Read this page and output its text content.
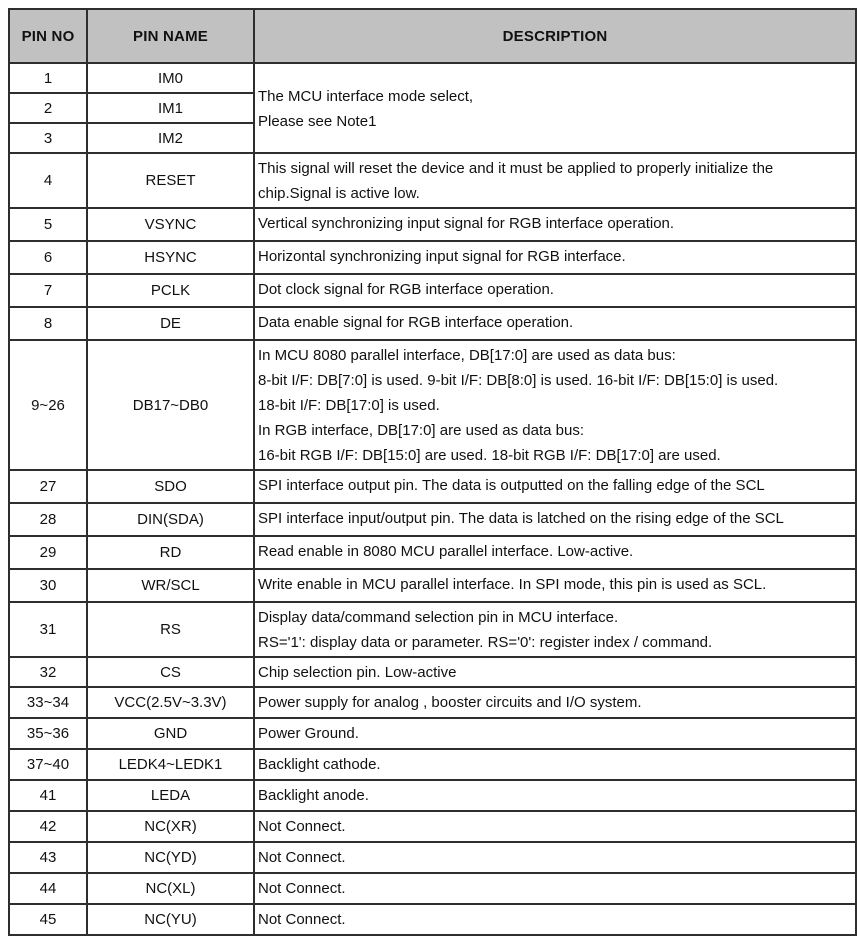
PIN NO	PIN NAME	DESCRIPTION
1	IM0	The MCU interface mode select,
Please see Note1

2	IM1	
3	IM2	
4	RESET	This signal will reset the device and it must be applied to properly initialize the
chip.Signal is active low.

5	VSYNC	Vertical synchronizing input signal for RGB interface operation.

6	HSYNC	Horizontal synchronizing input signal for RGB interface.

7	PCLK	Dot clock signal for RGB interface operation.

8	DE	Data enable signal for RGB interface operation.

9~26	DB17~DB0	In MCU 8080 parallel interface, DB[17:0] are used as data bus:
8-bit I/F: DB[7:0] is used. 9-bit I/F: DB[8:0] is used. 16-bit I/F: DB[15:0] is used.
18-bit I/F: DB[17:0] is used.
In RGB interface, DB[17:0] are used as data bus:
16-bit RGB I/F: DB[15:0] are used. 18-bit RGB I/F: DB[17:0] are used.

27	SDO	SPI interface output pin. The data is outputted on the falling edge of the SCL

28	DIN(SDA)	SPI interface input/output pin. The data is latched on the rising edge of the SCL

29	RD	Read enable in 8080 MCU parallel interface. Low-active.

30	WR/SCL	Write enable in MCU parallel interface. In SPI mode, this pin is used as SCL.

31	RS	Display data/command selection pin in MCU interface.
RS='1': display data or parameter. RS='0': register index / command.

32	CS	Chip selection pin. Low-active

33~34	VCC(2.5V~3.3V)	Power supply for analog , booster circuits and I/O system.

35~36	GND	Power Ground.

37~40	LEDK4~LEDK1	Backlight cathode.

41	LEDA	Backlight anode.

42	NC(XR)	Not Connect.

43	NC(YD)	Not Connect.

44	NC(XL)	Not Connect.

45	NC(YU)	Not Connect.
